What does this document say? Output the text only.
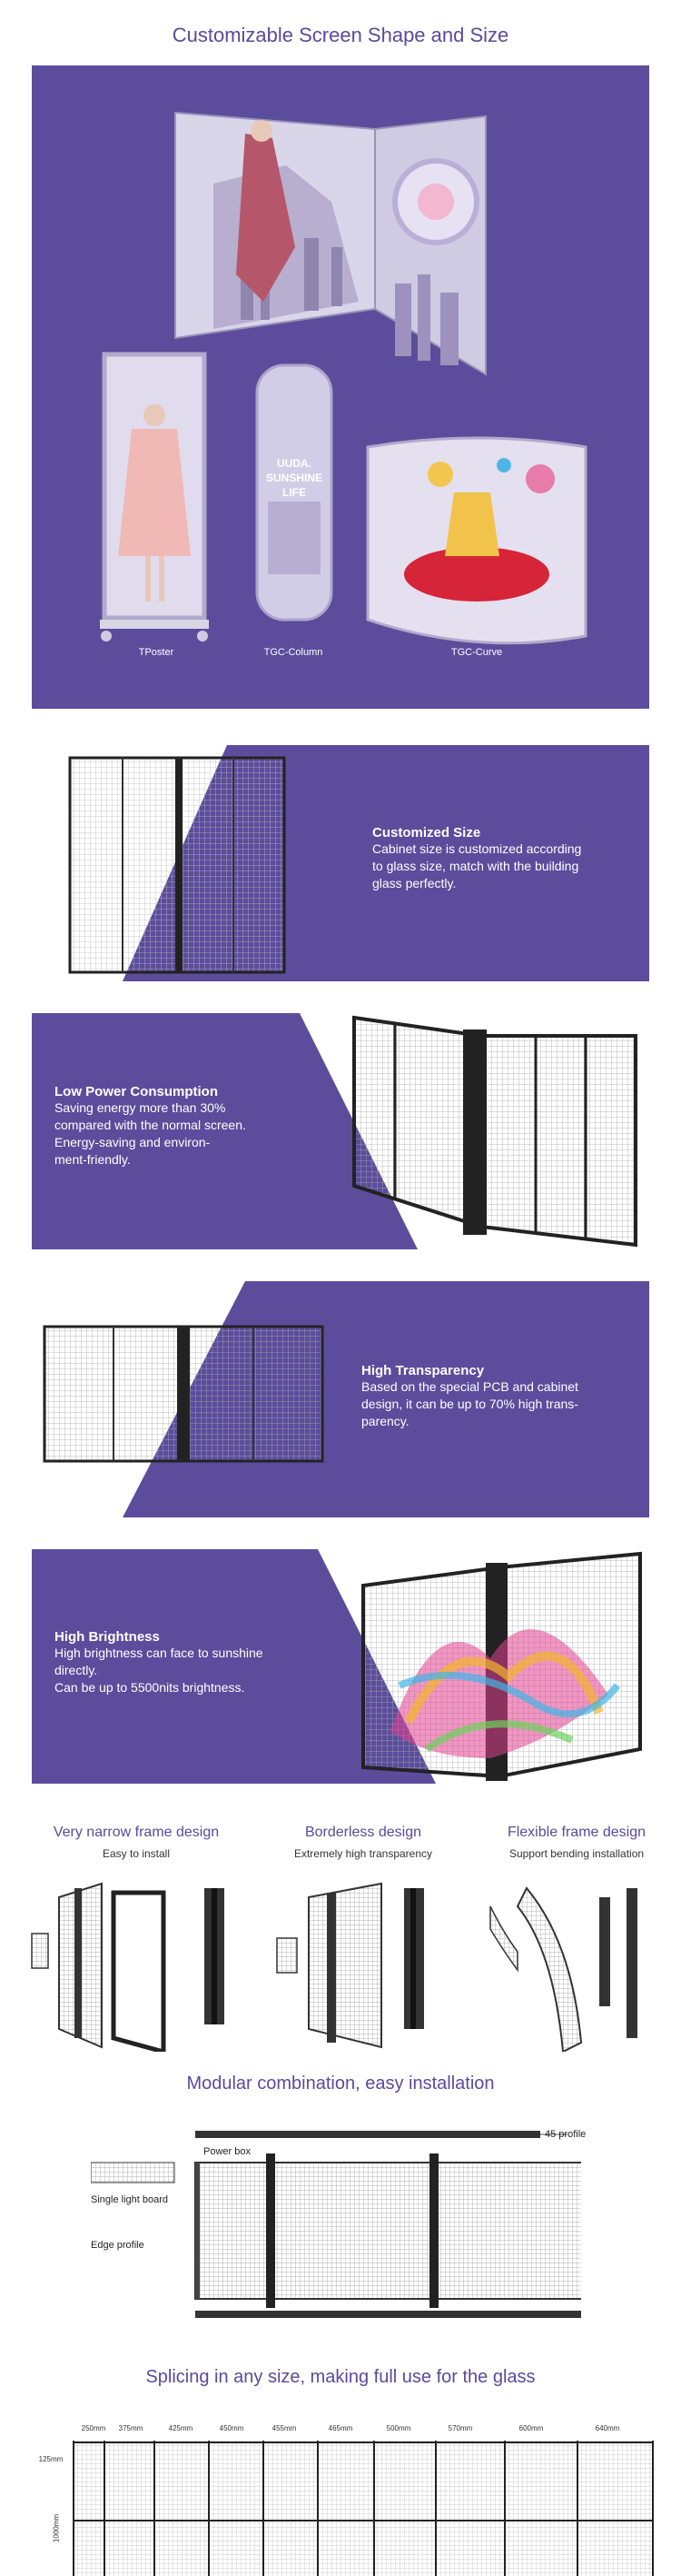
Customizable Screen Shape and Size
UUDA.
SUNSHINE
LIFE
TPoster	TGC-Column	TGC-Curve
Customized Size
Cabinet size is customized according
to glass size, match with the building
glass perfectly.
Low Power Consumption
Saving energy more than 30%
compared with the normal screen.
Energy-saving and environ-
ment-friendly.
High Transparency
Based on the special PCB and cabinet
design, it can be up to 70% high trans-
parency.
High Brightness
High brightness can face to sunshine
directly.
Can be up to 5500nits brightness.
Very narrow frame design
Easy to install
Borderless design
Extremely high transparency
Flexible frame design
Support bending installation
Modular combination, easy installation
45 profile
Power box
Single light board
Edge profile
Splicing in any size, making full use for the glass
250mm	375mm	425mm	450mm	455mm	465mm	500mm	570mm	600mm	640mm
125mm
1000mm
